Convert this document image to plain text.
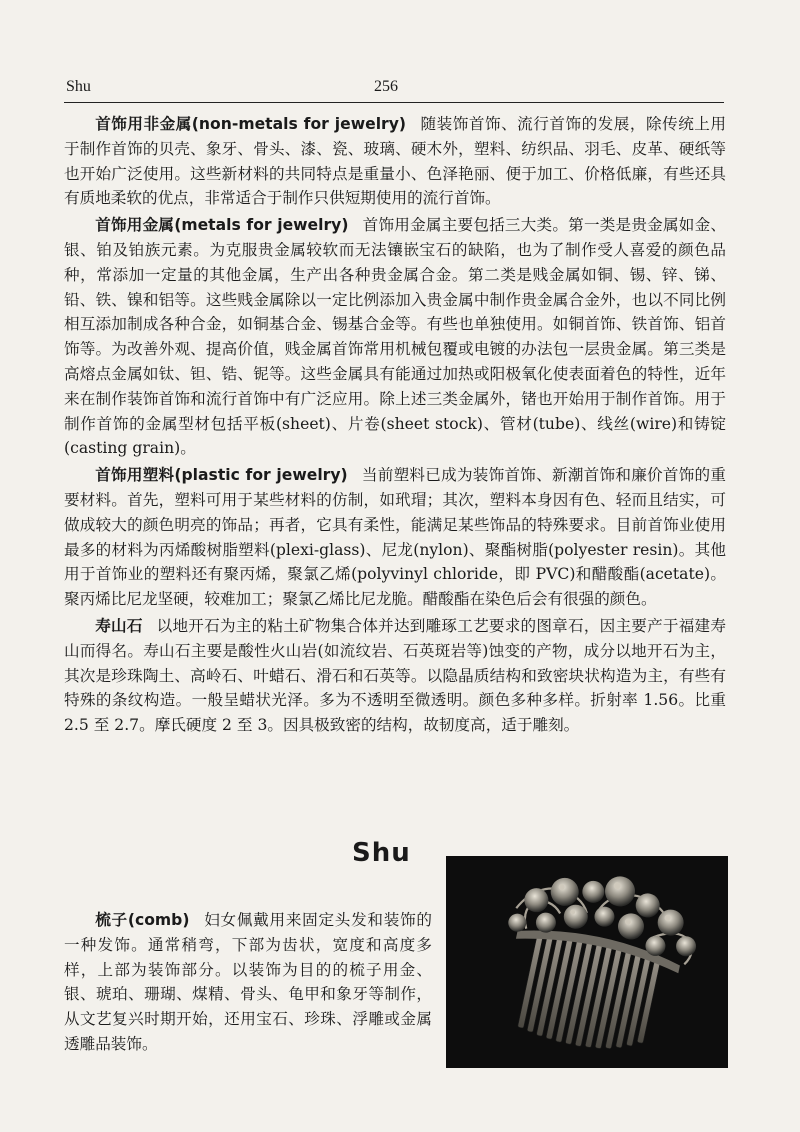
Shu	256

首饰用非金属(non-metals for jewelry) 随装饰首饰、流行首饰的发展，除传统上用于制作首饰的贝壳、象牙、骨头、漆、瓷、玻璃、硬木外，塑料、纺织品、羽毛、皮革、硬纸等也开始广泛使用。这些新材料的共同特点是重量小、色泽艳丽、便于加工、价格低廉，有些还具有质地柔软的优点，非常适合于制作只供短期使用的流行首饰。

首饰用金属(metals for jewelry) 首饰用金属主要包括三大类。第一类是贵金属如金、银、铂及铂族元素。为克服贵金属较软而无法镶嵌宝石的缺陷，也为了制作受人喜爱的颜色品种，常添加一定量的其他金属，生产出各种贵金属合金。第二类是贱金属如铜、锡、锌、锑、铅、铁、镍和铝等。这些贱金属除以一定比例添加入贵金属中制作贵金属合金外，也以不同比例相互添加制成各种合金，如铜基合金、锡基合金等。有些也单独使用。如铜首饰、铁首饰、铝首饰等。为改善外观、提高价值，贱金属首饰常用机械包覆或电镀的办法包一层贵金属。第三类是高熔点金属如钛、钽、锆、铌等。这些金属具有能通过加热或阳极氧化使表面着色的特性，近年来在制作装饰首饰和流行首饰中有广泛应用。除上述三类金属外，锗也开始用于制作首饰。用于制作首饰的金属型材包括平板(sheet)、片卷(sheet stock)、管材(tube)、线丝(wire)和铸锭(casting grain)。

首饰用塑料(plastic for jewelry) 当前塑料已成为装饰首饰、新潮首饰和廉价首饰的重要材料。首先，塑料可用于某些材料的仿制，如玳瑁；其次，塑料本身因有色、轻而且结实，可做成较大的颜色明亮的饰品；再者，它具有柔性，能满足某些饰品的特殊要求。目前首饰业使用最多的材料为丙烯酸树脂塑料(plexi-glass)、尼龙(nylon)、聚酯树脂(polyester resin)。其他用于首饰业的塑料还有聚丙烯，聚氯乙烯(polyvinyl chloride，即 PVC)和醋酸酯(acetate)。聚丙烯比尼龙坚硬，较难加工；聚氯乙烯比尼龙脆。醋酸酯在染色后会有很强的颜色。

寿山石 以地开石为主的粘土矿物集合体并达到雕琢工艺要求的图章石，因主要产于福建寿山而得名。寿山石主要是酸性火山岩(如流纹岩、石英斑岩等)蚀变的产物，成分以地开石为主，其次是珍珠陶土、高岭石、叶蜡石、滑石和石英等。以隐晶质结构和致密块状构造为主，有些有特殊的条纹构造。一般呈蜡状光泽。多为不透明至微透明。颜色多种多样。折射率 1.56。比重 2.5 至 2.7。摩氏硬度 2 至 3。因具极致密的结构，故韧度高，适于雕刻。

Shu

梳子(comb) 妇女佩戴用来固定头发和装饰的一种发饰。通常稍弯，下部为齿状，宽度和高度多样，上部为装饰部分。以装饰为目的的梳子用金、银、琥珀、珊瑚、煤精、骨头、龟甲和象牙等制作，从文艺复兴时期开始，还用宝石、珍珠、浮雕或金属透雕品装饰。
